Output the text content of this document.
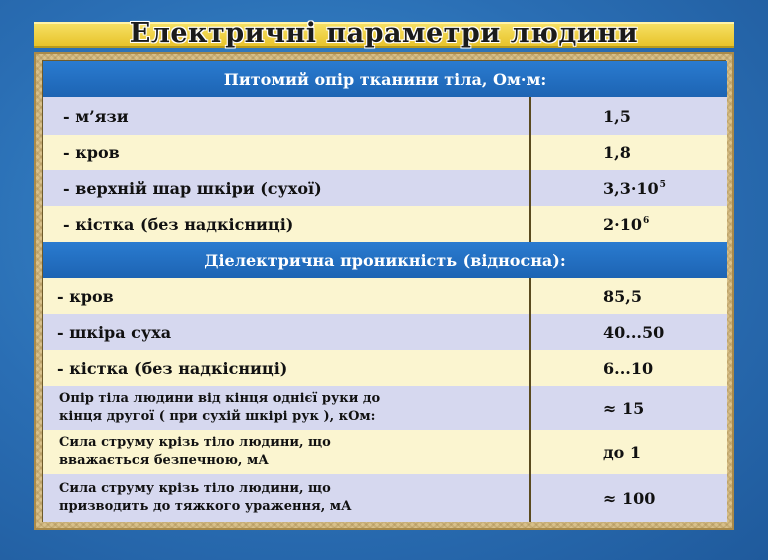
Електричні параметри людини
Питомий опір тканини тіла, Ом·м:
- м’язи	1,5
- кров	1,8
- верхній шар шкіри (сухої)	$3,3\cdot 10^5$
- кістка (без надкісниці)	$2\cdot 10^6$
Діелектрична проникність (відносна):
- кров	85,5
- шкіра суха	40...50
- кістка (без надкісниці)	6...10
Опір тіла людини від кінця однієї руки до
кінця другої ( при сухій шкірі рук ), кОм:	≈ 15
Сила струму крізь тіло людини, що
вважається безпечною, мА	до 1
Сила струму крізь тіло людини, що
призводить до тяжкого ураження, мА	≈ 100
